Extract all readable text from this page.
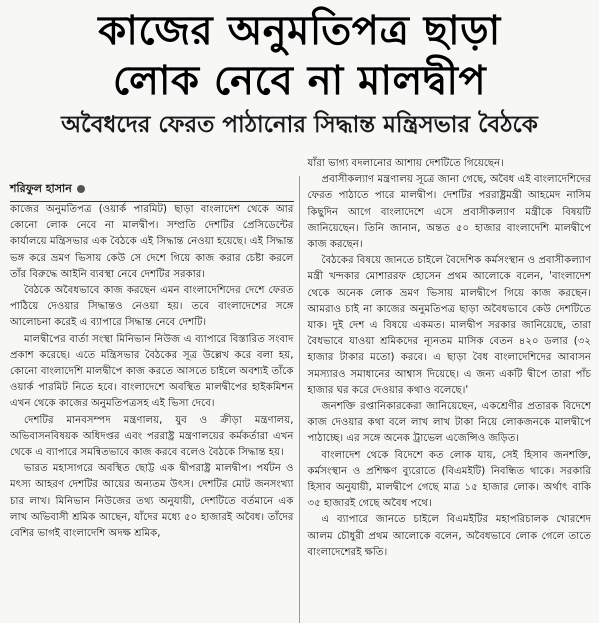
কাজের অনুমতিপত্র ছাড়া
লোক নেবে না মালদ্বীপ
অবৈধদের ফেরত পাঠানোর সিদ্ধান্ত মন্ত্রিসভার বৈঠকে
শরিফুল হাসান

কাজের অনুমতিপত্র (ওয়ার্ক পারমিট) ছাড়া বাংলাদেশ থেকে আর কোনো লোক নেবে না মালদ্বীপ। সম্প্রতি দেশটির প্রেসিডেন্টের কার্যালয়ে মন্ত্রিসভার এক বৈঠকে এই সিদ্ধান্ত নেওয়া হয়েছে। এই সিদ্ধান্ত ভঙ্গ করে ভ্রমণ ভিসায় কেউ সে দেশে গিয়ে কাজ করার চেষ্টা করলে তাঁর বিরুদ্ধে আইনি ব্যবস্থা নেবে দেশটির সরকার।

বৈঠকে অবৈধভাবে কাজ করছেন এমন বাংলাদেশিদের দেশে ফেরত পাঠিয়ে দেওয়ার সিদ্ধান্তও নেওয়া হয়। তবে বাংলাদেশের সঙ্গে আলোচনা করেই এ ব্যাপারে সিদ্ধান্ত নেবে দেশটি।

মালদ্বীপের বার্তা সংস্থা মিনিভান নিউজ এ ব্যাপারে বিস্তারিত সংবাদ প্রকাশ করেছে। এতে মন্ত্রিসভার বৈঠকের সূত্র উল্লেখ করে বলা হয়, কোনো বাংলাদেশি মালদ্বীপে কাজ করতে আসতে চাইলে অবশ্যই তাঁকে ওয়ার্ক পারমিট নিতে হবে। বাংলাদেশে অবস্থিত মালদ্বীপের হাইকমিশন এখন থেকে কাজের অনুমতিপত্রসহ এই ভিসা দেবে।

দেশটির মানবসম্পদ মন্ত্রণালয়, যুব ও ক্রীড়া মন্ত্রণালয়, অভিবাসনবিষয়ক অধিদপ্তর এবং পররাষ্ট্র মন্ত্রণালয়ের কর্মকর্তারা এখন থেকে এ ব্যাপারে সমন্বিতভাবে কাজ করবে বলেও বৈঠকে সিদ্ধান্ত হয়।

ভারত মহাসাগরে অবস্থিত ছোট্ট এক দ্বীপরাষ্ট্র মালদ্বীপ। পর্যটন ও মৎস্য আহরণ দেশটির আয়ের অন্যতম উৎস। দেশটির মোট জনসংখ্যা চার লাখ। মিনিভান নিউজের তথ্য অনুযায়ী, দেশটিতে বর্তমানে এক লাখ অভিবাসী শ্রমিক আছেন, যাঁদের মধ্যে ৫০ হাজারই অবৈধ। তাঁদের বেশির ভাগই বাংলাদেশি অদক্ষ শ্রমিক,

যাঁরা ভাগ্য বদলানোর আশায় দেশটিতে গিয়েছেন।

প্রবাসীকল্যাণ মন্ত্রণালয় সূত্রে জানা গেছে, অবৈধ এই বাংলাদেশিদের ফেরত পাঠাতে পারে মালদ্বীপ। দেশটির পররাষ্ট্রমন্ত্রী আহমেদ নাসিম কিছুদিন আগে বাংলাদেশে এসে প্রবাসীকল্যাণ মন্ত্রীকে বিষয়টি জানিয়েছেন। তিনি জানান, অন্তত ৫০ হাজার বাংলাদেশি মালদ্বীপে কাজ করছেন।

বৈঠকের বিষয়ে জানতে চাইলে বৈদেশিক কর্মসংস্থান ও প্রবাসীকল্যাণ মন্ত্রী খন্দকার মোশাররফ হোসেন প্রথম আলোকে বলেন, 'বাংলাদেশ থেকে অনেক লোক ভ্রমণ ভিসায় মালদ্বীপে গিয়ে কাজ করছেন। আমরাও চাই না কাজের অনুমতিপত্র ছাড়া অবৈধভাবে কেউ দেশটিতে যাক। দুই দেশ এ বিষয়ে একমত। মালদ্বীপ সরকার জানিয়েছে, তারা বৈধভাবে যাওয়া শ্রমিকদের ন্যূনতম মাসিক বেতন ৪২০ ডলার (৩২ হাজার টাকার মতো) করবে। এ ছাড়া বৈধ বাংলাদেশিদের আবাসন সমস্যারও সমাধানের আশ্বাস দিয়েছে। এ জন্য একটি দ্বীপে তারা পাঁচ হাজার ঘর করে দেওয়ার কথাও বলেছে।'

জনশক্তি রপ্তানিকারকেরা জানিয়েছেন, একশ্রেণীর প্রতারক বিদেশে কাজ দেওয়ার কথা বলে লাখ লাখ টাকা নিয়ে লোকজনকে মালদ্বীপে পাঠাচ্ছে। এর সঙ্গে অনেক ট্রাভেল এজেন্সিও জড়িত।

বাংলাদেশ থেকে বিদেশে কত লোক যায়, সেই হিসাব জনশক্তি, কর্মসংস্থান ও প্রশিক্ষণ ব্যুরোতে (বিএমইটি) নিবন্ধিত থাকে। সরকারি হিসাব অনুযায়ী, মালদ্বীপে গেছে মাত্র ১৫ হাজার লোক। অর্থাৎ বাকি ৩৫ হাজারই গেছে অবৈধ পথে।

এ ব্যাপারে জানতে চাইলে বিএমইটির মহাপরিচালক খোরশেদ আলম চৌধুরী প্রথম আলোকে বলেন, অবৈধভাবে লোক গেলে তাতে বাংলাদেশেরই ক্ষতি।
